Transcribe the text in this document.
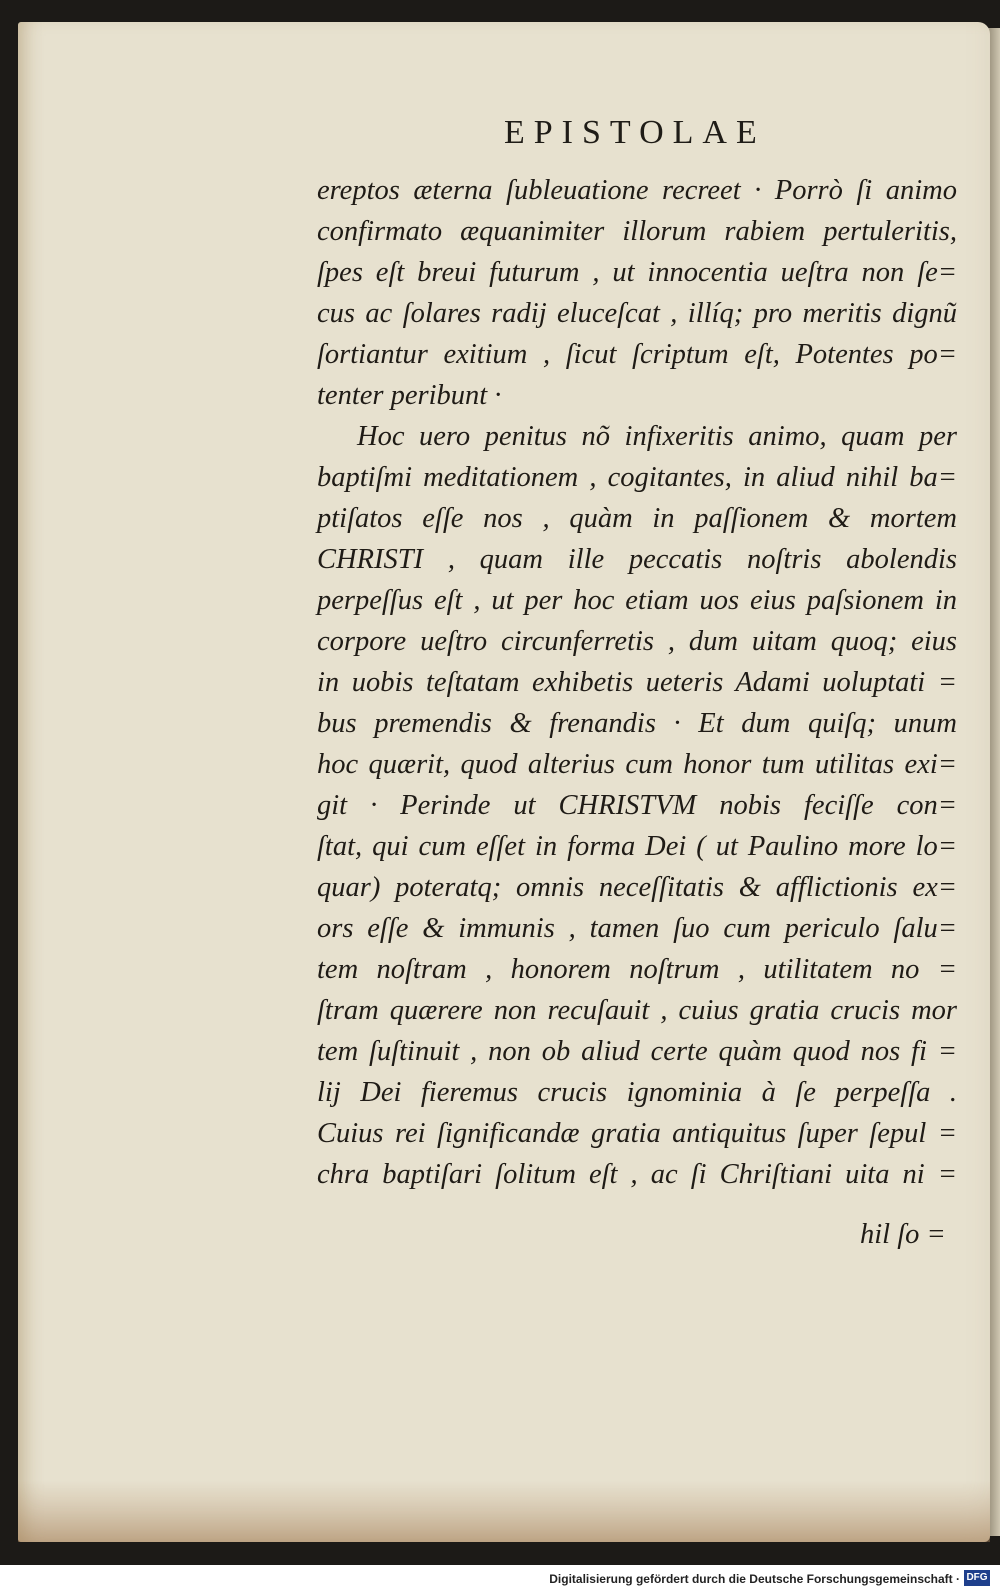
EPISTOLAE
ereptos æterna ſubleuatione recreet · Porrò ſi animo
confirmato æquanimiter illorum rabiem pertuleritis,
ſpes eſt breui futurum , ut innocentia ueſtra non ſe=
cus ac ſolares radij eluceſcat , illíq; pro meritis dignũ
ſortiantur exitium , ſicut ſcriptum eſt, Potentes po=
tenter peribunt ·
Hoc uero penitus nõ infixeritis animo, quam per
baptiſmi meditationem , cogitantes, in aliud nihil ba=
ptiſatos eſſe nos , quàm in paſſionem & mortem
CHRISTI , quam ille peccatis noſtris abolendis
perpeſſus eſt , ut per hoc etiam uos eius paſsionem in
corpore ueſtro circunferretis , dum uitam quoq; eius
in uobis teſtatam exhibetis ueteris Adami uoluptati =
bus premendis & frenandis · Et dum quiſq; unum
hoc quærit, quod alterius cum honor tum utilitas exi=
git · Perinde ut CHRISTVM nobis feciſſe con=
ſtat, qui cum eſſet in forma Dei ( ut Paulino more lo=
quar) poteratq; omnis neceſſitatis & afflictionis ex=
ors eſſe & immunis , tamen ſuo cum periculo ſalu=
tem noſtram , honorem noſtrum , utilitatem no =
ſtram quærere non recuſauit , cuius gratia crucis mor
tem ſuſtinuit , non ob aliud certe quàm quod nos fi =
lij Dei fieremus crucis ignominia à ſe perpeſſa .
Cuius rei ſignificandæ gratia antiquitus ſuper ſepul =
chra baptiſari ſolitum eſt , ac ſi Chriſtiani uita ni =
hil ſo =
Digitalisierung gefördert durch die Deutsche Forschungsgemeinschaft · DFG
